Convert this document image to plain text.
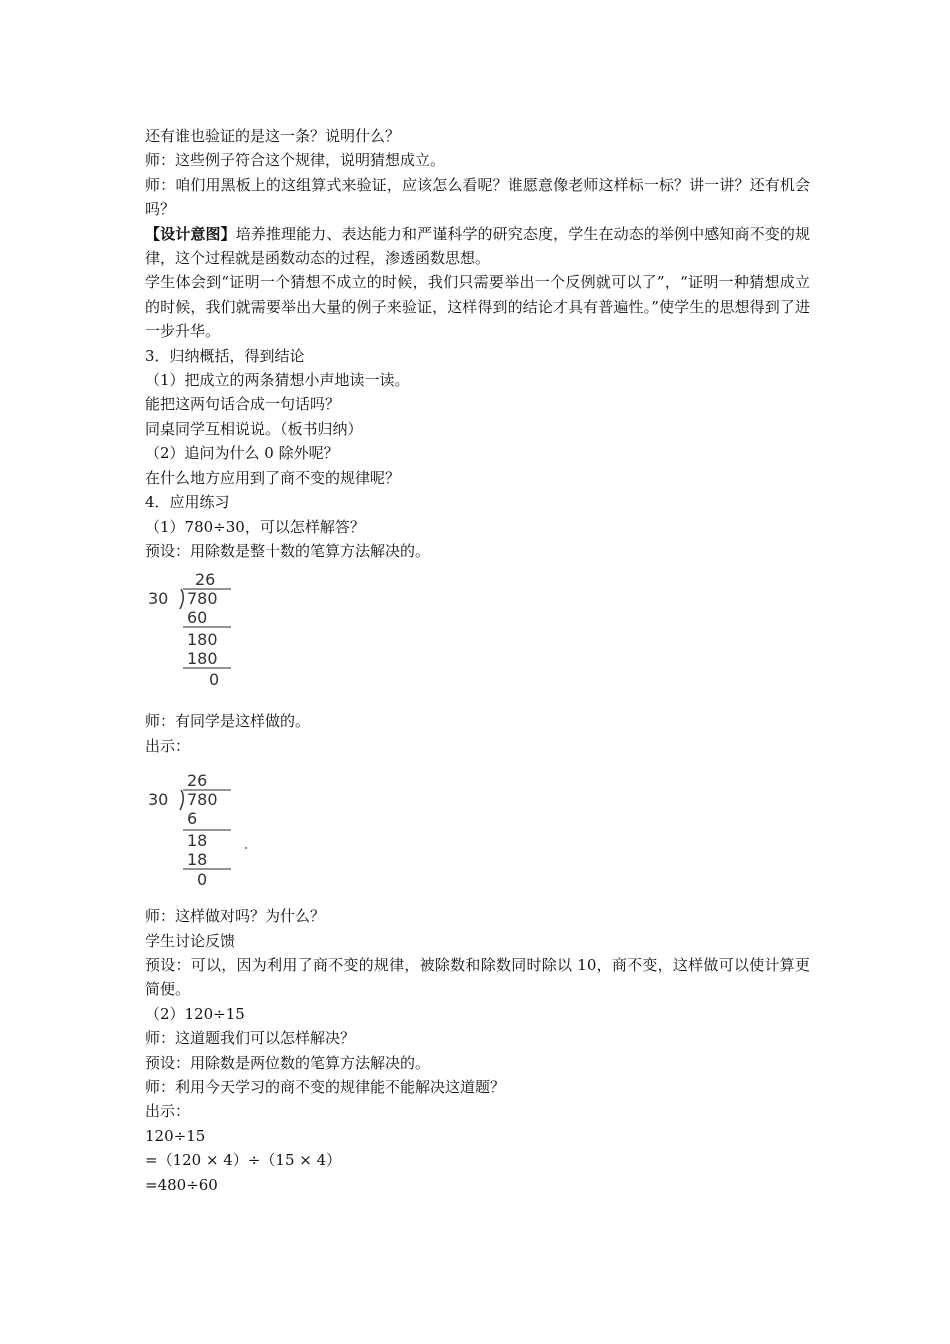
还有谁也验证的是这一条？说明什么？

师：这些例子符合这个规律，说明猜想成立。

师：咱们用黑板上的这组算式来验证，应该怎么看呢？谁愿意像老师这样标一标？讲一讲？还有机会吗？

【设计意图】培养推理能力、表达能力和严谨科学的研究态度，学生在动态的举例中感知商不变的规律，这个过程就是函数动态的过程，渗透函数思想。

学生体会到“证明一个猜想不成立的时候，我们只需要举出一个反例就可以了”，“证明一种猜想成立的时候，我们就需要举出大量的例子来验证，这样得到的结论才具有普遍性。”使学生的思想得到了进一步升华。

3．归纳概括，得到结论

（1）把成立的两条猜想小声地读一读。

能把这两句话合成一句话吗？

同桌同学互相说说。（板书归纳）

（2）追问为什么 0 除外呢？

在什么地方应用到了商不变的规律呢？

4．应用练习

（1）780÷30，可以怎样解答？

预设：用除数是整十数的笔算方法解决的。

26
30 780
60
180
180
0

师：有同学是这样做的。

出示：

26
30 780
6
18
18
0

师：这样做对吗？为什么？

学生讨论反馈

预设：可以，因为利用了商不变的规律，被除数和除数同时除以 10，商不变，这样做可以使计算更简便。

（2）120÷15

师：这道题我们可以怎样解决？

预设：用除数是两位数的笔算方法解决的。

师：利用今天学习的商不变的规律能不能解决这道题？

出示：

120÷15

=（120 × 4）÷（15 × 4）

=480÷60
